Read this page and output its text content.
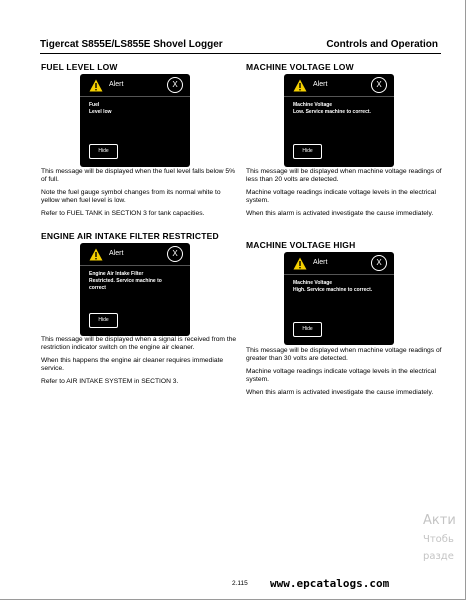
Tigercat S855E/LS855E Shovel Logger	Controls and Operation
FUEL LEVEL LOW
Alert	X
Fuel
Level low
Hide

This message will be displayed when the fuel level falls below 5% of full.

Note the fuel gauge symbol changes from its normal white to yellow when fuel level is low.

Refer to FUEL TANK in SECTION 3 for tank capacities.

ENGINE AIR INTAKE FILTER RESTRICTED
Alert	X
Engine Air Intake Filter
Restricted. Service machine to
correct
Hide

This message will be displayed when a signal is received from the restriction indicator switch on the engine air cleaner.

When this happens the engine air cleaner requires immediate service.

Refer to AIR INTAKE SYSTEM in SECTION 3.

MACHINE VOLTAGE LOW
Alert	X
Machine Voltage
Low. Service machine to correct.
Hide

This message will be displayed when machine voltage readings of less than 20 volts are detected.

Machine voltage readings indicate voltage levels in the electrical system.

When this alarm is activated investigate the cause immediately.

MACHINE VOLTAGE HIGH
Alert	X
Machine Voltage
High. Service machine to correct.
Hide

This message will be displayed when machine voltage readings of greater than 30 volts are detected.

Machine voltage readings indicate voltage levels in the electrical system.

When this alarm is activated investigate the cause immediately.

Акти
Чтобь
разде
2.115 www.epcatalogs.com
